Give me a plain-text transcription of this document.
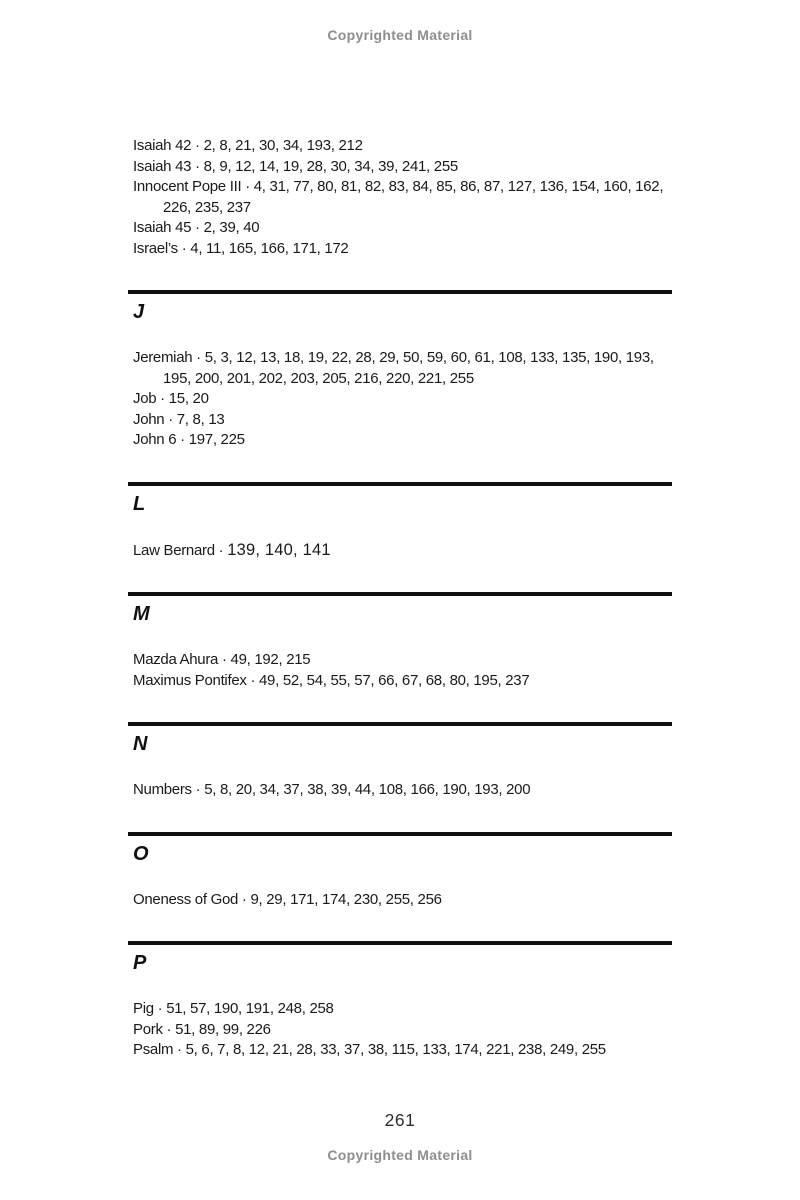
Copyrighted Material

Isaiah 42 · 2, 8, 21, 30, 34, 193, 212

Isaiah 43 · 8, 9, 12, 14, 19, 28, 30, 34, 39, 241, 255

Innocent Pope III · 4, 31, 77, 80, 81, 82, 83, 84, 85, 86, 87, 127, 136, 154, 160, 162, 226, 235, 237

Isaiah 45 · 2, 39, 40

Israel’s · 4, 11, 165, 166, 171, 172

J

Jeremiah · 5, 3, 12, 13, 18, 19, 22, 28, 29, 50, 59, 60, 61, 108, 133, 135, 190, 193, 195, 200, 201, 202, 203, 205, 216, 220, 221, 255

Job · 15, 20

John · 7, 8, 13

John 6 · 197, 225

L

Law Bernard · 139, 140, 141

M

Mazda Ahura · 49, 192, 215

Maximus Pontifex · 49, 52, 54, 55, 57, 66, 67, 68, 80, 195, 237

N

Numbers · 5, 8, 20, 34, 37, 38, 39, 44, 108, 166, 190, 193, 200

O

Oneness of God · 9, 29, 171, 174, 230, 255, 256

P

Pig · 51, 57, 190, 191, 248, 258

Pork · 51, 89, 99, 226

Psalm · 5, 6, 7, 8, 12, 21, 28, 33, 37, 38, 115, 133, 174, 221, 238, 249, 255

261
Copyrighted Material
